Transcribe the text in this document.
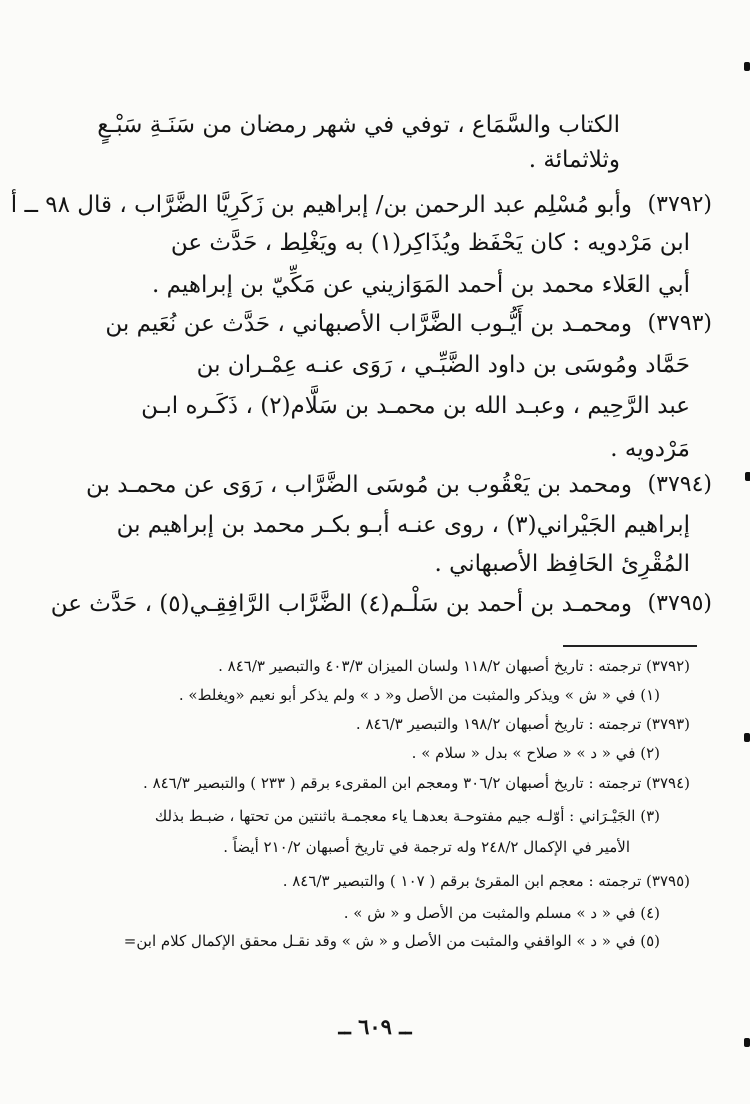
الكتاب والسَّمَاع ، توفي في شهر رمضان من سَنَـةِ سَبْـعٍ
وثلاثمائة .
(٣٧٩٢)
وأبو مُسْلِم عبد الرحمن بن/ إبراهيم بن زَكَرِيَّا الضَّرَّاب ، قال ٩٨ ــ أ
ابن مَرْدويه : كان يَحْفَظ ويُذَاكِر(١) به ويَغْلِط ، حَدَّث عن
أبي العَلاء محمد بن أحمد المَوَازيني عن مَكِّيّ بن إبراهيم .
(٣٧٩٣)
ومحمـد بن أَيُّـوب الضَّرَّاب الأصبهاني ، حَدَّث عن نُعَيم بن
حَمَّاد ومُوسَى بن داود الضَّبِّـي ، رَوَى عنـه عِمْـران بن
عبد الرَّحِيم ، وعبـد الله بن محمـد بن سَلَّام(٢) ، ذَكَـره ابـن
مَرْدويه .
(٣٧٩٤)
ومحمد بن يَعْقُوب بن مُوسَى الضَّرَّاب ، رَوَى عن محمـد بن
إبراهيم الجَيْراني(٣) ، روى عنـه أبـو بكـر محمد بن إبراهيم بن
المُقْرِئ الحَافِظ الأصبهاني .
(٣٧٩٥)
ومحمـد بن أحمد بن سَلْـم(٤) الضَّرَّاب الرَّافِقِـي(٥) ، حَدَّث عن
(٣٧٩٢) ترجمته : تاريخ أصبهان ١١٨/٢ ولسان الميزان ٤٠٣/٣ والتبصير ٨٤٦/٣ .
(١) في « ش » ويذكر والمثبت من الأصل و« د » ولم يذكر أبو نعيم «ويغلط» .
(٣٧٩٣) ترجمته : تاريخ أصبهان ١٩٨/٢ والتبصير ٨٤٦/٣ .
(٢) في « د » « صلاح » بدل « سلام » .
(٣٧٩٤) ترجمته : تاريخ أصبهان ٣٠٦/٢ ومعجم ابن المقرىء برقم ( ٢٣٣ ) والتبصير ٨٤٦/٣ .
(٣) الجَيْـرَاني : أوّلـه جيم مفتوحـة بعدهـا ياء معجمـة باثنتين من تحتها ، ضبـط بذلك
الأمير في الإكمال ٢٤٨/٢ وله ترجمة في تاريخ أصبهان ٢١٠/٢ أيضاً .
(٣٧٩٥) ترجمته : معجم ابن المقرئ برقم ( ١٠٧ ) والتبصير ٨٤٦/٣ .
(٤) في « د » مسلم والمثبت من الأصل و « ش » .
(٥) في « د » الواقفي والمثبت من الأصل و « ش » وقد نقـل محقق الإكمال كلام ابن=
ــ ٦٠٩ ــ
